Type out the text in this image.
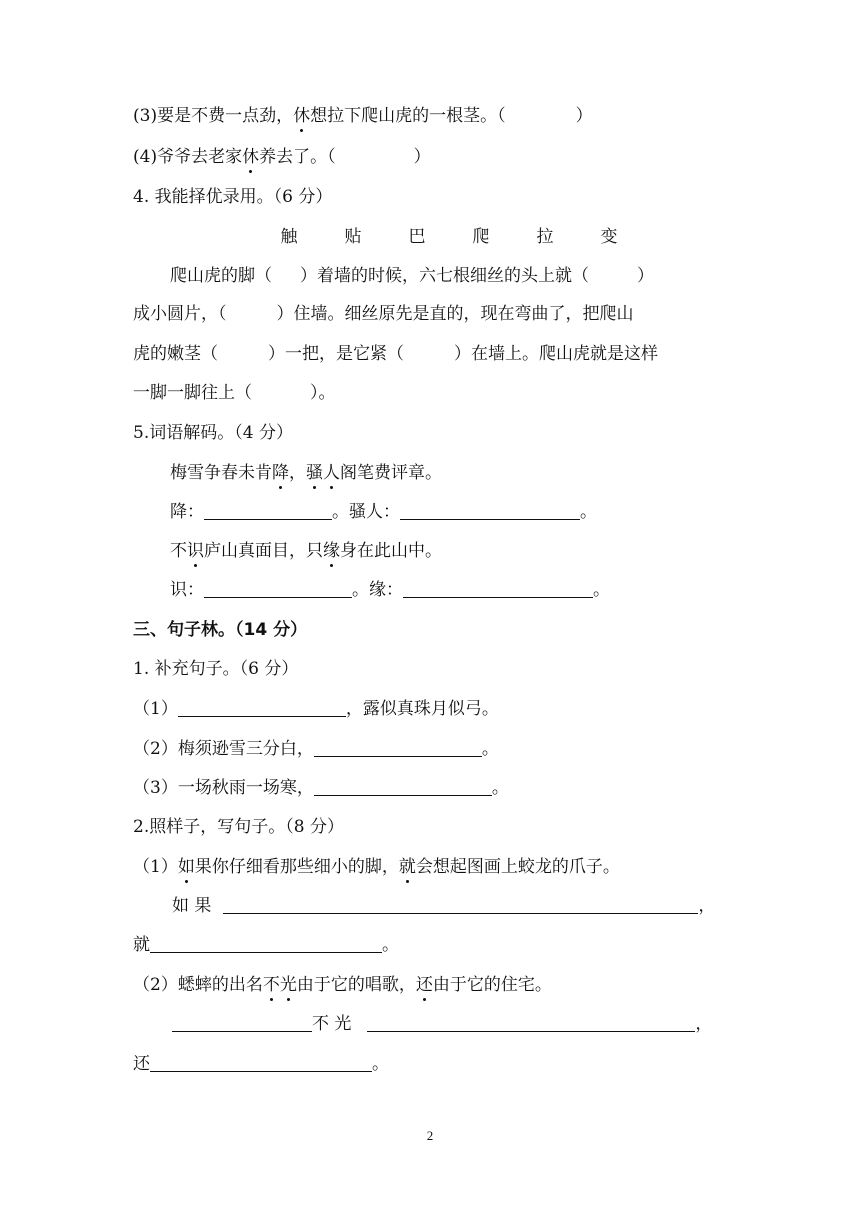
(3)要是不费一点劲，休想拉下爬山虎的一根茎。（	）
(4)爷爷去老家休养去了。（	）
4. 我能择优录用。（6 分）
触	贴	巴	爬	拉	变
爬山虎的脚（ ）着墙的时候，六七根细丝的头上就（	）
成小圆片，（	）住墙。细丝原先是直的，现在弯曲了，把爬山
虎的嫩茎（	）一把，是它紧（	）在墙上。爬山虎就是这样
一脚一脚往上（	）。
5.词语解码。（4 分）
梅雪争春未肯降，骚人阁笔费评章。
降：	。骚人：	。
不识庐山真面目，只缘身在此山中。
识：	。缘：	。
三、句子林。（14 分）
1. 补充句子。（6 分）
（1）	，露似真珠月似弓。
（2）梅须逊雪三分白，	。
（3）一场秋雨一场寒，	。
2.照样子，写句子。（8 分）
（1）如果你仔细看那些细小的脚，就会想起图画上蛟龙的爪子。
如 果	，
就	。
（2）蟋蟀的出名不光由于它的唱歌，还由于它的住宅。
不 光	，
还	。
2
